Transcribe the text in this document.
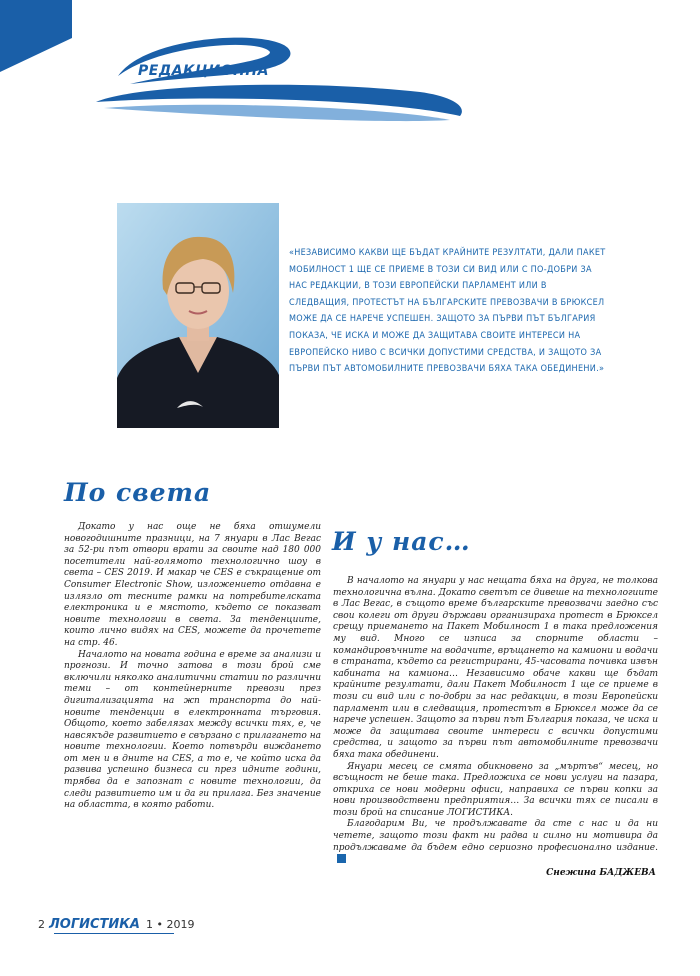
РЕДАКЦИОННА
«НЕЗАВИСИМО КАКВИ ЩЕ БЪДАТ КРАЙНИТЕ РЕЗУЛТАТИ, ДАЛИ ПАКЕТ МОБИЛНОСТ 1 ЩЕ СЕ ПРИЕМЕ В ТОЗИ СИ ВИД ИЛИ С ПО-ДОБРИ ЗА НАС РЕДАКЦИИ, В ТОЗИ ЕВРОПЕЙСКИ ПАРЛАМЕНТ ИЛИ В СЛЕДВАЩИЯ, ПРОТЕСТЪТ НА БЪЛГАРСКИТЕ ПРЕВОЗВАЧИ В БРЮКСЕЛ МОЖЕ ДА СЕ НАРЕЧЕ УСПЕШЕН. ЗАЩОТО ЗА ПЪРВИ ПЪТ БЪЛГАРИЯ ПОКАЗА, ЧЕ ИСКА И МОЖЕ ДА ЗАЩИТАВА СВОИТЕ ИНТЕРЕСИ НА ЕВРОПЕЙСКО НИВО С ВСИЧКИ ДОПУСТИМИ СРЕДСТВА, И ЗАЩОТО ЗА ПЪРВИ ПЪТ АВТОМОБИЛНИТЕ ПРЕВОЗВАЧИ БЯХА ТАКА ОБЕДИНЕНИ.»
По света

Докато у нас още не бяха отшумели новогодишните празници, на 7 януари в Лас Вегас за 52-ри път отвори врати за своите над 180 000 посетители най-голямото технологично шоу в света – CES 2019. И макар че CES е съкращение от Consumer Electronic Show, изложението отдавна е излязло от тесните рамки на потребителската електроника и е мястото, където се показват новите технологии в света. За тенденциите, които лично видях на CES, можете да прочетете на стр. 46.

Началото на новата година е време за анализи и прогнози. И точно затова в този брой сме включили няколко аналитични статии по различни теми – от контейнерните превози през дигитализацията на жп транспорта до най-новите тенденции в електронната търговия. Общото, което забелязах между всички тях, е, че навсякъде развитието е свързано с прилагането на новите технологии. Което потвърди виждането от мен и в дните на CES, а то е, че който иска да развива успешно бизнеса си през идните години, трябва да е запознат с новите технологии, да следи развитието им и да ги прилага. Без значение на областта, в която работи.

И у нас…

В началото на януари у нас нещата бяха на друга, не толкова технологична вълна. Докато светът се дивеше на технологиите в Лас Вегас, в същото време българските превозвачи заедно със свои колеги от други държави организираха протест в Брюксел срещу приемането на Пакет Мобилност 1 в така предложения му вид. Много се изписа за спорните области – командировъчните на водачите, връщането на камиони и водачи в страната, където са регистрирани, 45-часовата почивка извън кабината на камиона… Независимо обаче какви ще бъдат крайните резултати, дали Пакет Мобилност 1 ще се приеме в този си вид или с по-добри за нас редакции, в този Европейски парламент или в следващия, протестът в Брюксел може да се нарече успешен. Защото за първи път България показа, че иска и може да защитава своите интереси с всички допустими средства, и защото за първи път автомобилните превозвачи бяха така обединени.

Януари месец се смята обикновено за „мъртъв“ месец, но всъщност не беше така. Предложиха се нови услуги на пазара, откриха се нови модерни офиси, направиха се първи копки за нови производствени предприятия… За всички тях се писали в този брой на списание ЛОГИСТИКА.

Благодарим Ви, че продължавате да сте с нас и да ни четете, защото този факт ни радва и силно ни мотивира да продължаваме да бъдем едно сериозно професионално издание.

Снежина БАДЖЕВА
2 ЛОГИСТИКА 1 • 2019
